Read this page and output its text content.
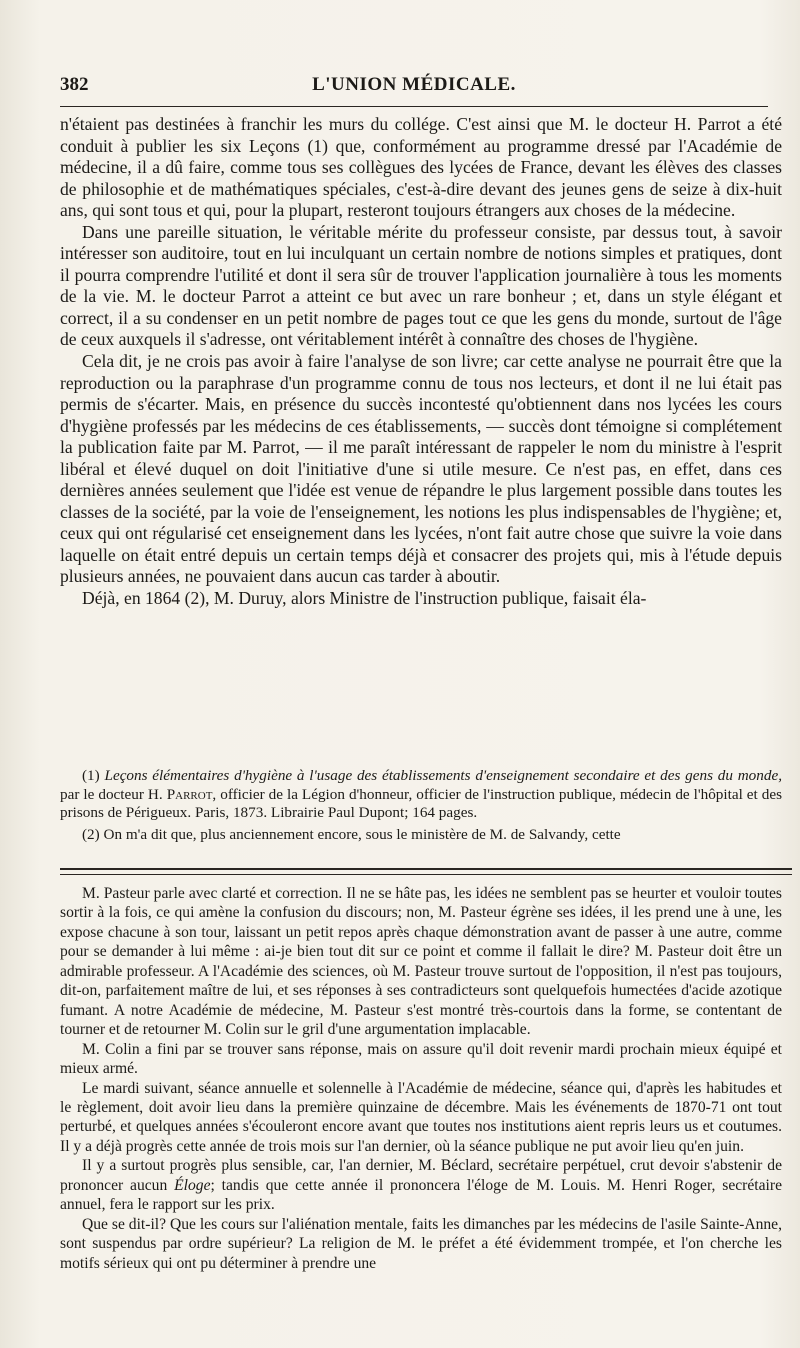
382	L'UNION MÉDICALE.

n'étaient pas destinées à franchir les murs du collége. C'est ainsi que M. le docteur H. Parrot a été conduit à publier les six Leçons (1) que, conformément au programme dressé par l'Académie de médecine, il a dû faire, comme tous ses collègues des lycées de France, devant les élèves des classes de philosophie et de mathématiques spéciales, c'est-à-dire devant des jeunes gens de seize à dix-huit ans, qui sont tous et qui, pour la plupart, resteront toujours étrangers aux choses de la médecine.

Dans une pareille situation, le véritable mérite du professeur consiste, par dessus tout, à savoir intéresser son auditoire, tout en lui inculquant un certain nombre de notions simples et pratiques, dont il pourra comprendre l'utilité et dont il sera sûr de trouver l'application journalière à tous les moments de la vie. M. le docteur Parrot a atteint ce but avec un rare bonheur ; et, dans un style élégant et correct, il a su condenser en un petit nombre de pages tout ce que les gens du monde, surtout de l'âge de ceux auxquels il s'adresse, ont véritablement intérêt à connaître des choses de l'hygiène.

Cela dit, je ne crois pas avoir à faire l'analyse de son livre; car cette analyse ne pourrait être que la reproduction ou la paraphrase d'un programme connu de tous nos lecteurs, et dont il ne lui était pas permis de s'écarter. Mais, en présence du succès incontesté qu'obtiennent dans nos lycées les cours d'hygiène professés par les médecins de ces établissements, — succès dont témoigne si complétement la publication faite par M. Parrot, — il me paraît intéressant de rappeler le nom du ministre à l'esprit libéral et élevé duquel on doit l'initiative d'une si utile mesure. Ce n'est pas, en effet, dans ces dernières années seulement que l'idée est venue de répandre le plus largement possible dans toutes les classes de la société, par la voie de l'enseignement, les notions les plus indispensables de l'hygiène; et, ceux qui ont régularisé cet enseignement dans les lycées, n'ont fait autre chose que suivre la voie dans laquelle on était entré depuis un certain temps déjà et consacrer des projets qui, mis à l'étude depuis plusieurs années, ne pouvaient dans aucun cas tarder à aboutir.

Déjà, en 1864 (2), M. Duruy, alors Ministre de l'instruction publique, faisait éla-

(1) Leçons élémentaires d'hygiène à l'usage des établissements d'enseignement secondaire et des gens du monde, par le docteur H. Parrot, officier de la Légion d'honneur, officier de l'instruction publique, médecin de l'hôpital et des prisons de Périgueux. Paris, 1873. Librairie Paul Dupont; 164 pages.

(2) On m'a dit que, plus anciennement encore, sous le ministère de M. de Salvandy, cette

M. Pasteur parle avec clarté et correction. Il ne se hâte pas, les idées ne semblent pas se heurter et vouloir toutes sortir à la fois, ce qui amène la confusion du discours; non, M. Pasteur égrène ses idées, il les prend une à une, les expose chacune à son tour, laissant un petit repos après chaque démonstration avant de passer à une autre, comme pour se demander à lui même : ai-je bien tout dit sur ce point et comme il fallait le dire? M. Pasteur doit être un admirable professeur. A l'Académie des sciences, où M. Pasteur trouve surtout de l'opposition, il n'est pas toujours, dit-on, parfaitement maître de lui, et ses réponses à ses contradicteurs sont quelquefois humectées d'acide azotique fumant. A notre Académie de médecine, M. Pasteur s'est montré très-courtois dans la forme, se contentant de tourner et de retourner M. Colin sur le gril d'une argumentation implacable.

M. Colin a fini par se trouver sans réponse, mais on assure qu'il doit revenir mardi prochain mieux équipé et mieux armé.

Le mardi suivant, séance annuelle et solennelle à l'Académie de médecine, séance qui, d'après les habitudes et le règlement, doit avoir lieu dans la première quinzaine de décembre. Mais les événements de 1870-71 ont tout perturbé, et quelques années s'écouleront encore avant que toutes nos institutions aient repris leurs us et coutumes. Il y a déjà progrès cette année de trois mois sur l'an dernier, où la séance publique ne put avoir lieu qu'en juin.

Il y a surtout progrès plus sensible, car, l'an dernier, M. Béclard, secrétaire perpétuel, crut devoir s'abstenir de prononcer aucun Éloge; tandis que cette année il prononcera l'éloge de M. Louis. M. Henri Roger, secrétaire annuel, fera le rapport sur les prix.

Que se dit-il? Que les cours sur l'aliénation mentale, faits les dimanches par les médecins de l'asile Sainte-Anne, sont suspendus par ordre supérieur? La religion de M. le préfet a été évidemment trompée, et l'on cherche les motifs sérieux qui ont pu déterminer à prendre une
